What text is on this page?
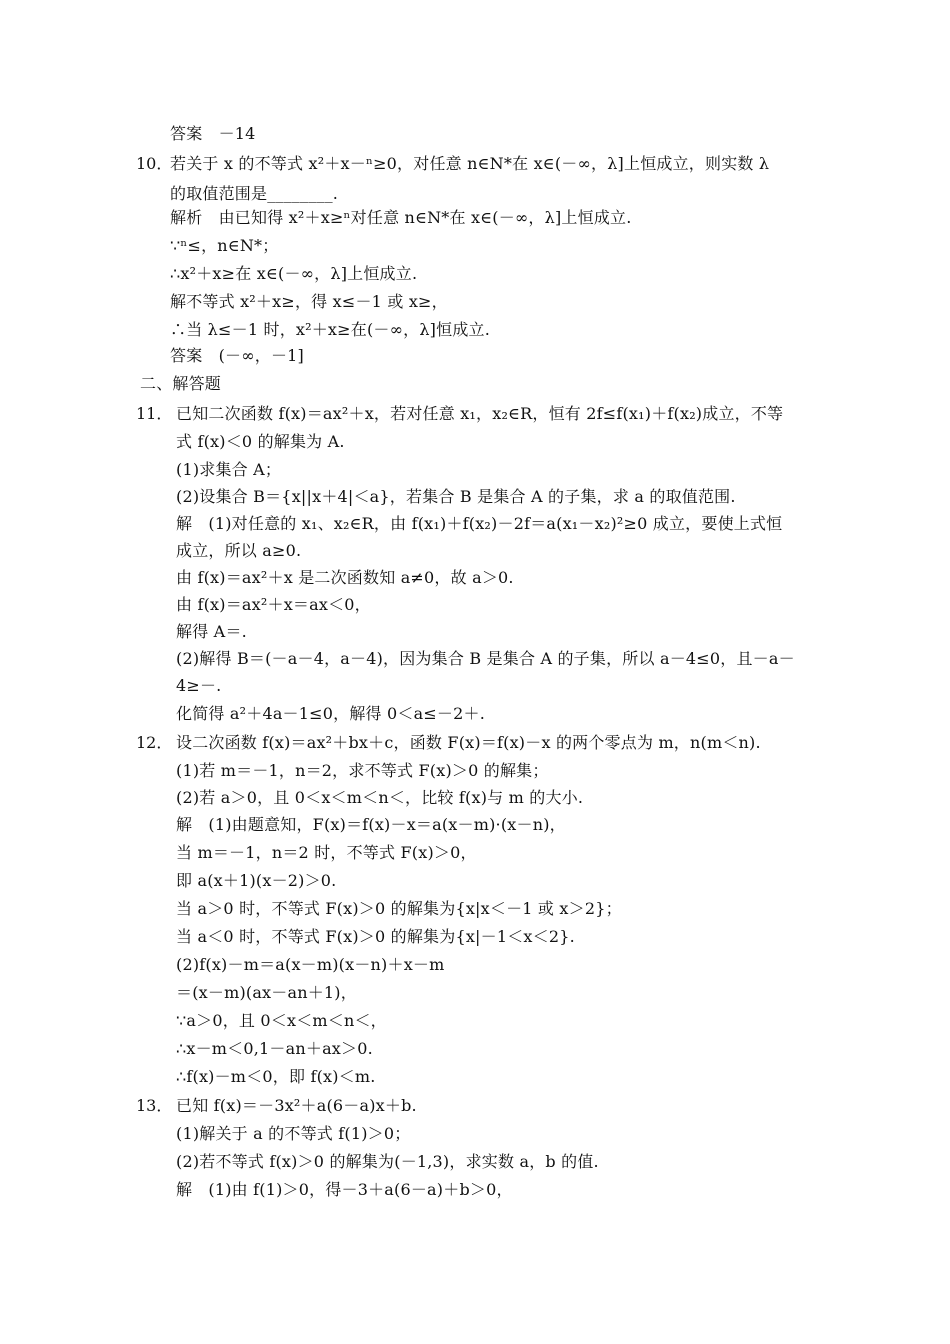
答案　－14
10．
若关于 x 的不等式 x²＋x－ⁿ≥0，对任意 n∈N*在 x∈(－∞，λ]上恒成立，则实数 λ
的取值范围是________.
解析　由已知得 x²＋x≥ⁿ对任意 n∈N*在 x∈(－∞，λ]上恒成立.
∵ⁿ≤，n∈N*；
∴x²＋x≥在 x∈(－∞，λ]上恒成立.
解不等式 x²＋x≥，得 x≤－1 或 x≥，
∴当 λ≤－1 时，x²＋x≥在(－∞，λ]恒成立.
答案　(－∞，－1]
二、解答题
11． 已知二次函数 f(x)＝ax²＋x，若对任意 x₁，x₂∈R，恒有 2f≤f(x₁)＋f(x₂)成立，不等
式 f(x)＜0 的解集为 A.
(1)求集合 A；
(2)设集合 B＝{x||x＋4|＜a}，若集合 B 是集合 A 的子集，求 a 的取值范围.
解　(1)对任意的 x₁、x₂∈R，由 f(x₁)＋f(x₂)－2f＝a(x₁－x₂)²≥0 成立，要使上式恒
成立，所以 a≥0.
由 f(x)＝ax²＋x 是二次函数知 a≠0，故 a＞0.
由 f(x)＝ax²＋x＝ax＜0，
解得 A＝.
(2)解得 B＝(－a－4，a－4)，因为集合 B 是集合 A 的子集，所以 a－4≤0，且－a－
4≥－.
化简得 a²＋4a－1≤0，解得 0＜a≤－2＋.
12． 设二次函数 f(x)＝ax²＋bx＋c，函数 F(x)＝f(x)－x 的两个零点为 m，n(m＜n).
(1)若 m＝－1，n＝2，求不等式 F(x)＞0 的解集；
(2)若 a＞0，且 0＜x＜m＜n＜，比较 f(x)与 m 的大小.
解　(1)由题意知，F(x)＝f(x)－x＝a(x－m)·(x－n)，
当 m＝－1，n＝2 时，不等式 F(x)＞0，
即 a(x＋1)(x－2)＞0.
当 a＞0 时，不等式 F(x)＞0 的解集为{x|x＜－1 或 x＞2}；
当 a＜0 时，不等式 F(x)＞0 的解集为{x|－1＜x＜2}.
(2)f(x)－m＝a(x－m)(x－n)＋x－m
＝(x－m)(ax－an＋1)，
∵a＞0，且 0＜x＜m＜n＜，
∴x－m＜0,1－an＋ax＞0.
∴f(x)－m＜0，即 f(x)＜m.
13． 已知 f(x)＝－3x²＋a(6－a)x＋b.
(1)解关于 a 的不等式 f(1)＞0；
(2)若不等式 f(x)＞0 的解集为(－1,3)，求实数 a，b 的值.
解　(1)由 f(1)＞0，得－3＋a(6－a)＋b＞0，
